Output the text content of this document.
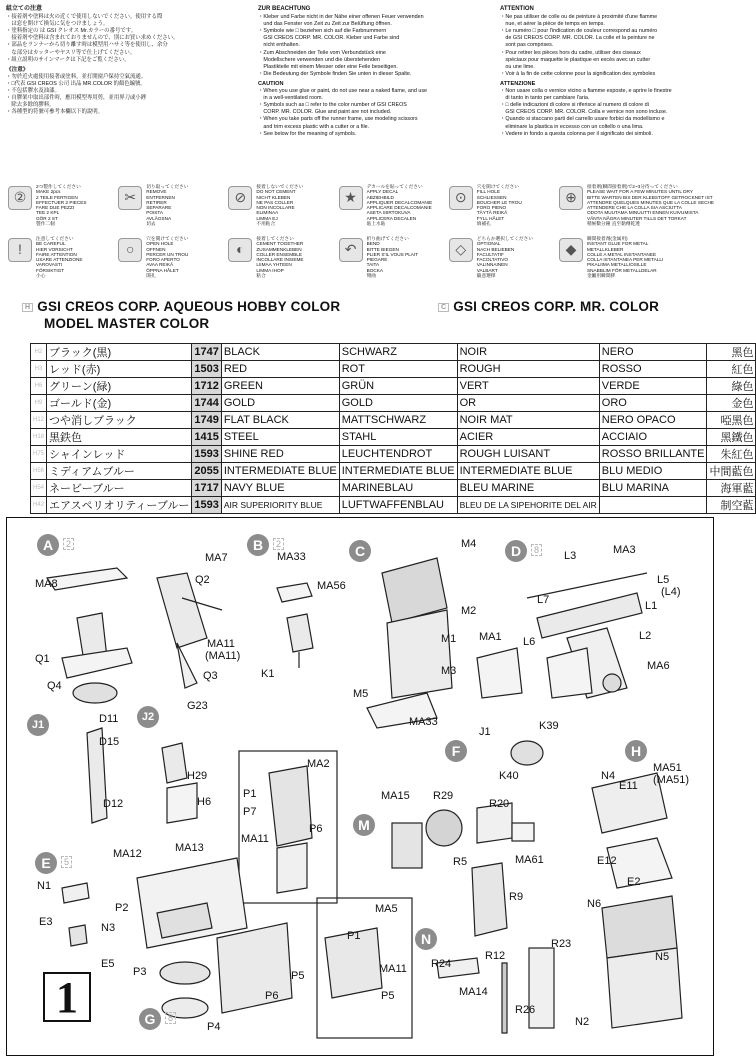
組立ての注意

・接着剤や塗料は火の近くで使用しないでください。使用する際

　は窓を開けて換気に気をつけましょう。

・塗料指定の は GSI クレオス Mr.カラーの番号です。

　接着剤や塗料は含まれておりませんので、別にお買い求めください。

・部品をランナーから切り離す時は模型用ハサミ等を使用し、余分

　な部分はカッターやヤスリ等で仕上げてください。

・組立説明のサインマークは下記をご覧ください。

《注意》

・勿於近火處使用接著或塗料，並打開窗戶保持空氣流通。

・□代表 GSI CREOS 公司 出品 MR.COLOR 的顏色編號。

・不包括膠水及油漆。

・自膠架中取出部件時，應用模型專用剪，並用界刀或小銼

　除去多餘的膠料。

・各種型的符號可參考本欄以下的說明。

ZUR BEACHTUNG

・Kleber und Farbe nicht in der Nähe einer offenen Feuer verwenden

　und das Fenster von Zeit zu Zeit zur Belüftung öffnen.

・Symbole wie □ beziehen sich auf die Farbnummern

　GSI CREOS CORP. MR. COLOR. Kleber und Farbe sind

　nicht enthalten.

・Zum Abschneiden der Teile vom Verbundstück eine

　Modellschere verwenden und die überstehenden

　Plastikteile mit einem Messer oder eine Feile beseitigen.

・Die Bedeutung der Symbole finden Sie unten in dieser Spalte.

CAUTION

・When you use glue or paint, do not use near a naked flame, and use

　in a well-ventilated room.

・Symbols such as □ refer to the color number of GSI CREOS

　CORP. MR. COLOR. Glue and paint are not included.

・When you take parts off the runner frame, use modeling scissors

　and trim excess plastic with a cutter or a file.

・See below for the meaning of symbols.

ATTENTION

・Ne pas utiliser de colle ou de peinture à proximité d'une flamme

　nue, et aérer la pièce de temps en temps.

・Le numéro □ pour l'indication de couleur correspond au numéro

　de GSI CREOS CORP. MR. COLOR. La colle et la peinture ne

　sont pas comprises.

・Pour retirer les pièces hors du cadre, utiliser des ciseaux

　spéciaux pour maquette le plastique en excès avec un cutter

　ou une lime.

・Voir à la fin de cette colonne pour la signification des symboles

ATTENZIONE

・Non usare colla o vernice vicino a fiamme esposte, e aprire le finestre

　di tanto in tanto per cambiare l'aria.

・□ delle indicazioni di colore si riferisce al numero di colore di

　GSI CREOS CORP. MR. COLOR. Colla e vernice non sono incluse.

・Quando si staccano parti del carrello usare forbici da modellismo e

　eliminare la plastica in eccesso con un coltello o una lima.

・Vedere in fondo a questa colonna per il significato dei simboli.

②

2つ製作してください

MAKE 2pcs

2 TEILE FERTIGEN

EFFECTUER 2 PIECES

FARE DUE PEZZI

TEE 2 KPL

GÖR 2 ST

製作二個

✂

切り取ってください

REMOVE

ENTFERNEN

RETIRER

SEPARARE

POISTA

AVLÄGSNA

切去

⊘

接着しないでください

DO NOT CEMENT

NICHT KLEBEN

NE PAS COLLER

NON INCOLLARE

ELIMINAA

LIMMA EJ

不用粘合

★

デカールを貼ってください

APPLY DECAL

ABZIEHBILD

APPLIQUER DECALCOMANIE

APPLICARE DECALCOMANIE

ASETA SIIRTOKUVA

APPLICERA DECALEN

貼上水貼

⊙

穴を開けてください

FILL HOLE

SCHLIESSEN

BOUCHER LE TROU

FORO PIENO

TÄYTÄ REIKÄ

FYLL HÅLET

填補孔

⊕

接着剤(瞬間接着剤)で2~3分待ってください

PLEASE WAIT FOR A FEW MINUTES UNTIL DRY

BITTE WARTEN BIS DER KLEBSTOFF GETROCKNET IST

ATTENDRE QUELQUES MINUTES QUE LA COLLE SECHE

ATTENDERE CHE LA COLLA SIA ASCIUTTA

ODOTA MUUTAMA MINUUTTI ENNEN KUIVUMISTA

VÄNTA NÅGRA MINUTER TILLS DET TORKAT

稍候數分鐘 直至黏劑乾透

!

注意してください

BE CAREFUL

HIER VORSICHT

FAIRE ATTENTION

USARE ATTENZIONE

VAROVASTI

FÖRSIKTIGT

小心

○

穴を開けてください

OPEN HOLE

OFFNEN

PERCER UN TROU

FORO APERTO

AVAA REIKÄ

ÖPPNA HÅLET

開孔

◐

接着してください

CEMENT TOGETHER

ZUSAMMENKLEBEN

COLLER ENSEMBLE

INCOLLARE INSIEME

LIIMAA YHTEEN

LIMMA IHOP

粘合

↶

折り曲げてください

BEND

BITTE BIEGEN

PLIER S'IL VOUS PLAIT

PIEGARE

TAITA

BOCKA

彎曲

◇

どちらか選択してください

OPTIONAL

NACH BELIEBEN

FACULTATIF

FACOLTATIVO

VALINNAINEN

VALBART

隨意選擇

◆

瞬間接着剤(金属用)

INSTANT GLUE FOR METAL

METALLKLEBER

COLLE A METAL INSTANTANEE

COLLA ISTANTANEA PER METALLI

PIKALIIMA METALLIOSILLE

SNABBLIM FÖR METALLDELAR

金屬用瞬間膠

H GSI CREOS CORP. AQUEOUS HOBBY COLOR
MODEL MASTER COLOR
C GSI CREOS CORP. MR. COLOR
H2	ブラック(黒)	1747	BLACK	SCHWARZ	NOIR	NERO	黑色
H3	レッド(赤)	1503	RED	ROT	ROUGH	ROSSO	紅色
H6	グリーン(緑)	1712	GREEN	GRÜN	VERT	VERDE	綠色
H9	ゴールド(金)	1744	GOLD	GOLD	OR	ORO	金色
H12	つや消しブラック	1749	FLAT BLACK	MATTSCHWARZ	NOIR MAT	NERO OPACO	啞黑色
H18	黒鉄色	1415	STEEL	STAHL	ACIER	ACCIAIO	黑鐵色
H75	シャインレッド	1593	SHINE RED	LEUCHTENDROT	ROUGH LUISANT	ROSSO BRILLANTE	朱紅色
H56	ミディアムブルー	2055	INTERMEDIATE BLUE	INTERMEDIATE BLUE	INTERMEDIATE BLUE	BLU MEDIO	中間藍色
H54	ネービーブルー	1717	NAVY BLUE	MARINEBLAU	BLEU MARINE	BLU MARINA	海軍藍
H42	エアスペリオリティーブルー	1593	AIR SUPERIORITY BLUE	LUFTWAFFENBLAU	BLEU DE LA SIPEHORITE DEL AIR		制空藍
1
A	2	B	2	C	D	8
J1
J2
F	H
M
E	5
N
G	8
MA7
Q2
MA8
MA11
(MA11)
Q1
Q3
Q4
MA33
MA56
K1
M4
M2
M1
M3
M5
MA33
L3	MA3
L5
(L4)
L7	L1
MA1 L6	L2
MA6
D11
D15
D12
G23
H29
H6
MA2
P1
P7
MA11
P6
J1	K39
K40	N4
MA51
(MA51)
E11
E12
E2
N6
N5
MA15 R29
R20
R5	MA61
R9
N1
E3	N3
E5
MA12	MA13
P2	MA5
P1
MA11
P5
P3
P4
P6
P5
R12
R23
R24
MA14
R26
N2
